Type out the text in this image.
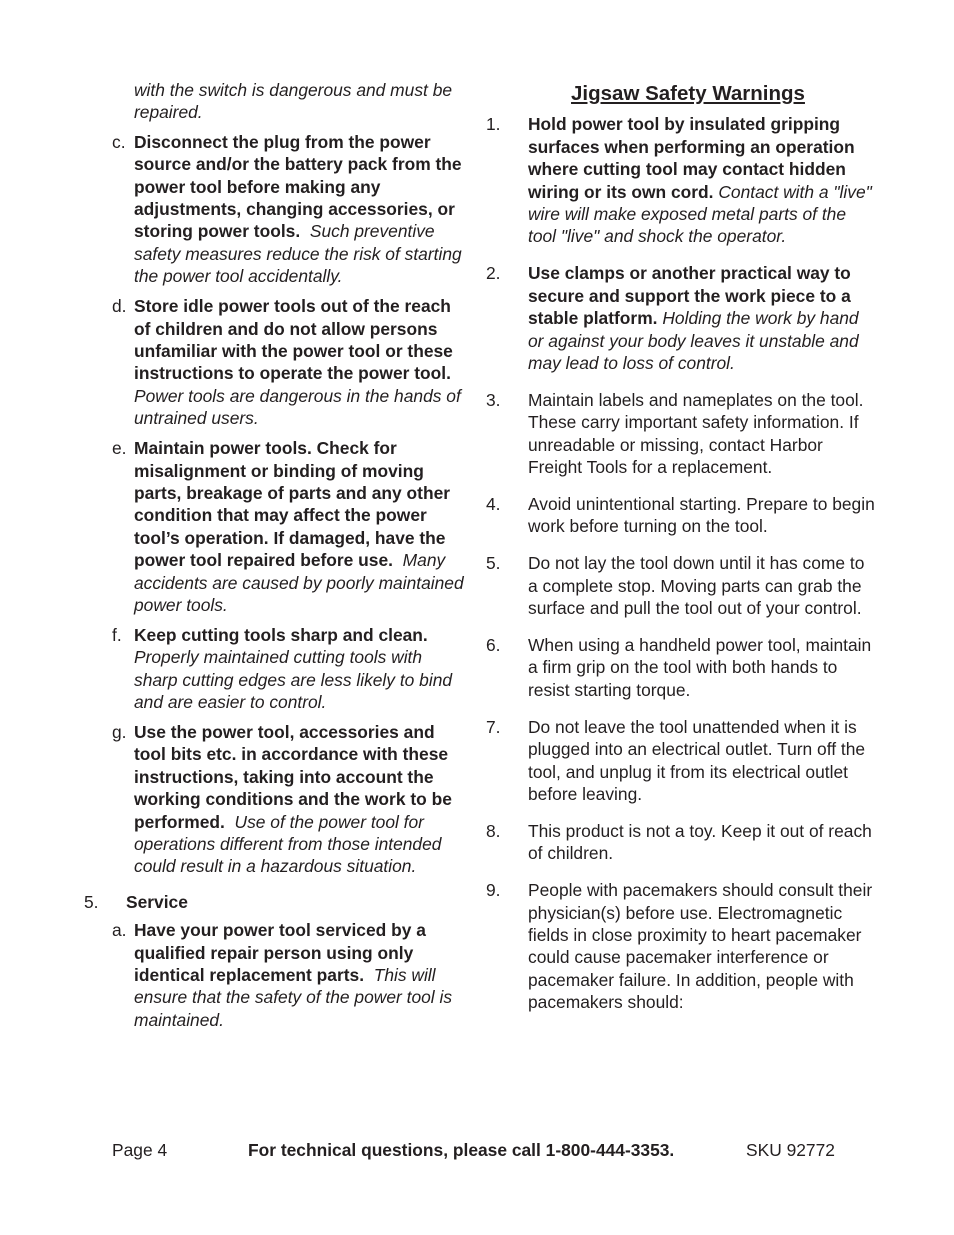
with the switch is dangerous and must be repaired.

c. Disconnect the plug from the power source and/or the battery pack from the power tool before making any adjustments, changing accessories, or storing power tools. Such preventive safety measures reduce the risk of starting the power tool accidentally.
d. Store idle power tools out of the reach of children and do not allow persons unfamiliar with the power tool or these instructions to operate the power tool.  Power tools are dangerous in the hands of untrained users.
e. Maintain power tools. Check for misalignment or binding of moving parts, breakage of parts and any other condition that may affect the power tool’s operation. If damaged, have the power tool repaired before use. Many accidents are caused by poorly maintained power tools.
f. Keep cutting tools sharp and clean. Properly maintained cutting tools with sharp cutting edges are less likely to bind and are easier to control.
g. Use the power tool, accessories and tool bits etc. in accordance with these instructions, taking into account the working conditions and the work to be performed. Use of the power tool for operations different from those intended could result in a hazardous situation.
5.	Service
a. Have your power tool serviced by a qualified repair person using only identical replacement parts. This will ensure that the safety of the power tool is maintained.
Jigsaw Safety Warnings
1.	Hold power tool by insulated gripping surfaces when performing an operation where cutting tool may contact hidden wiring or its own cord. Contact with a "live" wire will make exposed metal parts of the tool "live" and shock the operator.
2.	Use clamps or another practical way to secure and support the work piece to a stable platform. Holding the work by hand or against your body leaves it unstable and may lead to loss of control.
3.	Maintain labels and nameplates on the tool. These carry important safety information. If unreadable or missing, contact Harbor Freight Tools for a replacement.
4.	Avoid unintentional starting. Prepare to begin work before turning on the tool.
5.	Do not lay the tool down until it has come to a complete stop. Moving parts can grab the surface and pull the tool out of your control.
6.	When using a handheld power tool, maintain a firm grip on the tool with both hands to resist starting torque.
7.	Do not leave the tool unattended when it is plugged into an electrical outlet. Turn off the tool, and unplug it from its electrical outlet before leaving.
8.	This product is not a toy. Keep it out of reach of children.
9.	People with pacemakers should consult their physician(s) before use. Electromagnetic fields in close proximity to heart pacemaker could cause pacemaker interference or pacemaker failure. In addition, people with pacemakers should:
Page 4	For technical questions, please call 1-800-444-3353.	SKU 92772
